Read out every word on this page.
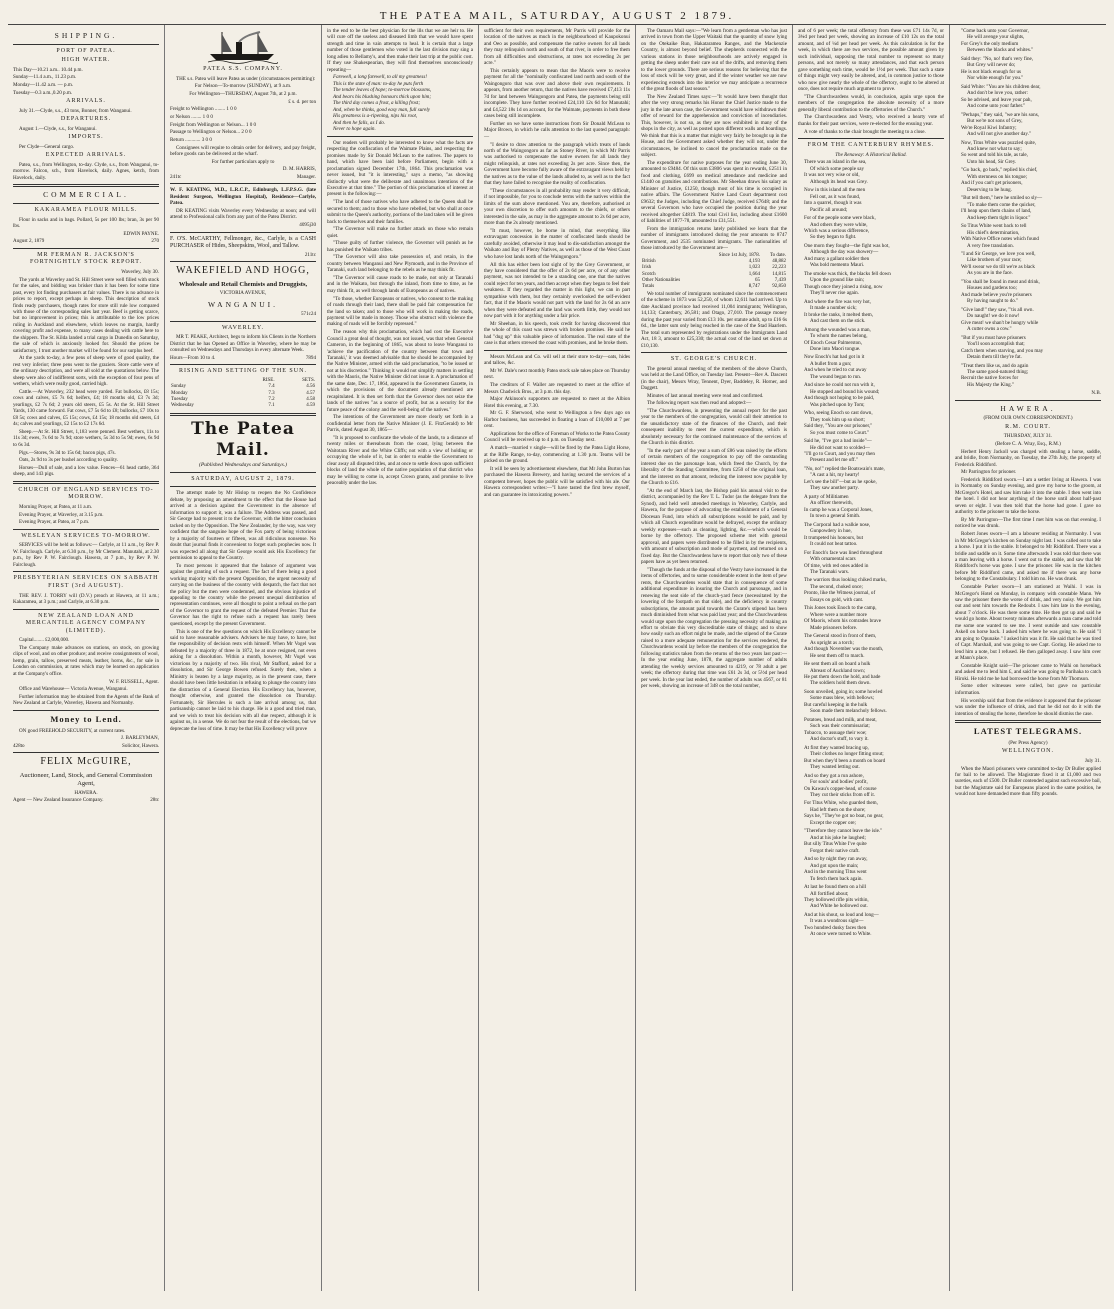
THE PATEA MAIL, SATURDAY, AUGUST 2 1879.

SHIPPING.

PORT OF PATEA.

HIGH WATER.

This Day—10.21 a.m.. 10.44 p.m.

Sunday—11.4 a.m., 11.23 p.m.

Monday—11.42 a.m. — p.m.

Tuesday—0.3 a.m.,0.20 p.m.

ARRIVALS.

July 31.—Clyde, s.s., 43 tons, Bonner, from Wanganui.

DEPARTURES.

August 1.—Clyde, s.s., for Wanganui.

IMPORTS.

Per Clyde—General cargo.

EXPECTED ARRIVALS.

Patea, s.s., from Wellington, to-day. Clyde, s.s., from Wanganui, to-morrow. Falcon, sch., from Havelock, daily. Agnes, ketch, from Havelock, daily.

COMMERCIAL.

KAKARAMEA FLOUR MILLS.

Flour in sacks and in bags. Pollard, 5s per 100 lbs; bran, 3s per 90 lbs.

EDWIN PAYNE.

August 2, 1879	270

MR FERMAN R. JACKSON'S FORTNIGHTLY STOCK REPORT.

Waverley, July 30.

The yards at Waverley and St. Hill Street were well filled with stock for the sales, and bidding was brisker than it has been for some time past, every lot finding purchasers at fair values. There is no advance in prices to report, except perhaps in sheep. This description of stock finds ready purchasers, though rates for store still rule low compared with those of the corresponding sales last year. Beef is getting scarce, but no improvement in prices; this is attributable to the low prices ruling in Auckland and elsewhere, which leaves no margin, hardly covering profit and expense, to many cases dealing with cattle here to the shippers. The St. Kilda landed a trial cargo in Dunedin on Saturday, the sale of which is anxiously looked for. Should the prices be satisfactory, I trust another market will be found for our surplus beef.

At the yards to-day, a few pens of sheep were of good quality, the rest very inferior; three pens went to the graziers. Store cattle were of the ordinary description, and were all sold at the quotations below. The sheep were also of indifferent sorts, with the exception of four pens of wethers, which were really good, carried high.

Cattle.—At Waverley, 232 head were yarded. Fat bullocks, £8 15s; cows and calves, £5 7s 6d; heifers, £4; 18 months old, £3 7s 3d; yearlings, £2 7s 6d; 2 years old steers, £5 5s. At the St. Hill Street Yards, 130 came forward. Fat cows, £7 5s 6d to £8; bullocks, £7 10s to £8 5s; cows and calves, £5 15s; cows, £4 15s; 18 months old steers, £4 4s; calves and yearlings, £2 15s to £2 17s 6d.

Sheep.—At St. Hill Street, 1,183 were penned. Best wethers, 11s to 11s 3d; ewes, 7s 6d to 7s 9d; store wethers, 5s 3d to 5s 9d; ewes, 6s 9d to 6s 3d.

Pigs.—Stores, 9s 3d to 15s 6d; bacon pigs, 47s.

Oats, 2s 9d to 3s per bushel according to quality.

Horses—Dull of sale, and a low value. Fences—61 head cattle, 364 sheep, and 143 pigs.

CHURCH OF ENGLAND SERVICES TO-MORROW.

Morning Prayer, at Patea, at 11 a.m.

Evening Prayer, at Waverley, at 3.15 p.m.

Evening Prayer, at Patea, at 7 p.m.

WESLEYAN SERVICES TO-MORROW.

SERVICES will be held as follows:— Carlyle, at 11 a.m., by Rev P. W. Fairclough. Carlyle, at 6.30 p.m., by Mr Clement. Manutahi, at 2.30 p.m., by Rev P. W. Fairclough. Hawera, at 7 p.m., by Rev P. W. Fairclough.

PRESBYTERIAN SERVICES ON SABBATH FIRST (3rd AUGUST).

THE REV. J. TORRY will (D.V.) preach at Hawera, at 11 a.m.; Kakaramea, at 3 p.m.; and Carlyle, at 6.30 p.m.

NEW ZEALAND LOAN AND MERCANTILE AGENCY COMPANY (LIMITED).

Capital........ £2,000,000.

The Company make advances on stations, on stock, on growing clips of wool, and on other produce; and receive consignments of wool, hemp, grain, tallow, preserved meats, leather, horns, &c., for sale in London on commission, at rates which may be learned on application at the Company's office.

W. F. RUSSELL, Agent.

Office and Warehouse— Victoria Avenue, Wanganui.

Further information may be obtained from the Agents of the Bank of New Zealand at Carlyle, Waverley, Hawera and Normanby.

Money to Lend.

ON good FREEHOLD SECURITY, at current rates.

J. BARLEYMAN,

428to	Solicitor, Hawera.

FELIX McGUIRE,

Auctioneer, Land, Stock, and General Commission Agent,

HAWERA.

Agent — New Zealand Insurance Company.	28tc

PATEA S.S. COMPANY.

THE s.s. Patea will leave Patea as under (circumstances permitting):

For Nelson—To-morrow (SUNDAY), at 9 a.m.

For Wellington—THURSDAY, August 7th, at 2 p.m.

£ s. d. per ton

Freight to Wellington ........ 1 0 0

or Nelson ........ 1 0 0

Freight from Wellington or Nelson... 1 0 0

Passage to Wellington or Nelson... 2 0 0

Return ............ 3 0 0

Consignees will require to obtain order for delivery, and pay freight, before goods can be delivered at the wharf.

For further particulars apply to

D. M. HARRIS,

241tc	Manager.

W. F. KEATING, M.D., L.R.C.P., Edinburgh, L.F.P.S.G. (late Resident Surgeon, Wellington Hospital), Residence—Carlyle, Patea.

DR KEATING visits Waverley every Wednesday at noon; and will attend to Professional calls from any part of the Patea District.

4095j30

F. O'S. McCARTHY, Fellmonger, &c., Carlyle, is a CASH PURCHASER of Hides, Sheepskins, Wool, and Tallow.

211tc

WAKEFIELD AND HOGG,

Wholesale and Retail Chemists and Druggists,

VICTORIA AVENUE,

WANGANUI.

571c24

WAVERLEY.

MR T. PEAKE, Architect, begs to inform his Clients in the Northern District that he has Opened an Office in Waverley, where he may be consulted on Wednesdays and Thursdays in every alternate Week.

Hours—From 10 to 4.	7894

RISING AND SETTING OF THE SUN.

	RISE.	SETS.
Sunday	7.4	4.56
Monday	7.3	4.57
Tuesday	7.2	4.58
Wednesday	7.1	4.59

The Patea Mail.

(Published Wednesdays and Saturdays.)

SATURDAY, AUGUST 2, 1879.

The attempt made by Mr Hislop to reopen the No Confidence debate, by proposing an amendment to the effect that the House had arrived at a decision against the Government in the absence of information to support it, was a failure. The Address was passed, and Sir George had to present it to the Governor, with the bitter conclusion tacked on by the Opposition. The New Zealander, by the way, was very confident that the sanguine hope of the Fox party of being victorious by a majority of fourteen or fifteen, was all ridiculous nonsense. No doubt that journal finds it convenient to forget such prophecies now. It was expected all along that Sir George would ask His Excellency for permission to appeal to the Country.

To most persons it appeared that the balance of argument was against the granting of such a request. The fact of there being a good working majority with the present Opposition, the urgent necessity of carrying on the business of the country with despatch, the fact that not the policy but the men were condemned, and the obvious injustice of appealing to the country while the present unequal distribution of representation continues, were all thought to point a refusal on the part of the Governor to grant the request of the defeated Premier. That the Governor has the right to refuse such a request has rarely been questioned, except by the present Government.

This is one of the few questions on which His Excellency cannot be said to have reasonable advisers. Advisers he may have, to have, but the responsibility of decision rests with himself. When Mr Vogel was defeated by a majority of three in 1872, he at once resigned, not even asking for a dissolution. Within a month, however, Mr Vogel was victorious by a majority of two. His rival, Mr Stafford, asked for a dissolution, and Sir George Bowen refused. Surely then, when a Ministry is beaten by a large majority, as in the present case, there should have been little hesitation in refusing to plunge the country into the distraction of a General Election. His Excellency has, however, thought otherwise, and granted the dissolution on Thursday. Fortunately, Sir Hercules is such a late arrival among us, that partisanship cannot be laid to his charge. He is a good and tried man, and we wish to treat his decision with all due respect, although it is against us, in a sense. We do not fear the result of the elections, but we deprecate the loss of time. It may be that His Excellency will prove

in the end to be the best physician for the ills that we are heir to. He will cure off the useless and diseased limb that we would have spent strength and time in vain attempts to heal. It is certain that a large number of those gentlemen who voted in the last division may sing a long adieu to Bellamy's, and then make their last trip at the public cost. If they use Shakespearian, they will find themselves unconsciously repeating—

Farewell, a long farewell, to all my greatness!

This is the state of man: to-day he puts forth

The tender leaves of hope; to-morrow blossoms,

And bears his blushing honours thick upon him;

The third day comes a frost, a killing frost;

And, when he thinks, good easy man, full surely

His greatness is a-ripening, nips his root,

And then he falls, as I do.

Never to hope again.

Our readers will probably be interested to know what the facts are respecting the confiscation of the Waimate Plains, and respecting the promises made by Sir Donald McLean to the natives. The papers to hand, which have been laid before Parliament, begin with a proclamation signed December 17th, 1864. This proclamation was never issued, but "it is interesting," says a memo, "as showing distinctly what were the deliberate and unanimous intentions of the Executive at that time." The portion of this proclamation of interest at present is the following:—

"The land of those natives who have adhered to the Queen shall be secured to them; and to those who have rebelled, but who shall at once submit to the Queen's authority, portions of the land taken will be given back to themselves and their families.

"The Governor will make no further attack on those who remain quiet.

"Those guilty of further violence, the Governor will punish as he has punished the Waikato tribes.

"The Governor will also take possession of, and retain, in the country between Wanganui and New Plymouth, and in the Province of Taranaki, such land belonging to the rebels as he may think fit.

"The Governor will cause roads to be made, not only at Taranaki and in the Waikato, but through the inland, from time to time, as he may think fit, as well through lands of Europeans as of natives.

"To those, whether Europeans or natives, who consent to the making of roads through their land, there shall be paid fair compensation for the land so taken; and to those who will work in making the roads, payment will be made in money. Those who obstruct with violence the making of roads will be forcibly repressed."

The reason why this proclamation, which had cost the Executive Council a great deal of thought, was not issued, was that when General Cameron, in the beginning of 1865, was about to leave Wanganui to 'achieve the pacification of the country between that town and Taranaki,' it was deemed advisable that he should be accompanied by the Native Minister, armed with the said proclamation, "to be issued or not at his discretion." Thinking it would not simplify matters in settling with the Maoris, the Native Minister did not issue it. A proclamation of the same date, Dec. 17, 1864, appeared in the Government Gazette, in which the provisions of the document already mentioned are recapitulated. It is then set forth that the Governor does not seize the lands of the natives "as a source of profit, but as a security for the future peace of the colony and the well-being of the natives."

The intentions of the Government are more clearly set forth in a confidential letter from the Native Minister (J. E. FitzGerald) to Mr Parris, dated August 30, 1865—

"It is proposed to confiscate the whole of the lands, to a distance of twenty miles or thereabouts from the coast, lying between the Waitotara River and the White Cliffs; not with a view of holding or occupying the whole of it, but in order to enable the Government to clear away all disputed titles, and at once to settle down upon sufficient blocks of land the whole of the native population of that district who may be willing to come in, accept Crown grants, and promise to live peaceably under the law.

sufficient for their own requirements, Mr Parris will provide for the location of the natives as much in the neighbourhood of Kaupokonui and Oeo as possible, and compensate the native owners for all lands they may relinquish north and south of that river, in order to free them from all difficulties and obstructions, at rates not exceeding 2s per acre."

This certainly appears to mean that the Maoris were to receive payment for all the "nominally confiscated land north and south of the Waingongoro that was over and above their own requirements. It appears, from another return, that the natives have received £7,413 11s 7d for land between Waingongoro and Patea, the payments being still incomplete. They have further received £24,110 12s 6d for Manutahi; and £4,522 18s 1d on account, for the Waimate, payments in both these cases being still incomplete.

Further on we have some instructions from Sir Donald McLean to Major Brown, in which he calls attention to the last quoted paragraph:—

"I desire to draw attention to the paragraph which treats of lands north of the Waingongoro as far as Stoney River, in which Mr Parris was authorised to compensate the native owners for all lands they might relinquish, at rates not exceeding 2s per acre. Since then, the Government have become fully aware of the extravagant views held by the natives as to the value of the lands alluded to, as well as to the fact that they have failed to recognise the reality of confiscation.

"These circumstances in all probability may render it very difficult, if not impossible, for you to conclude terms with the natives within the limits of the sum above mentioned. You are, therefore, authorised at your own discretion to offer such amounts to the chiefs, or others interested in the sale, as may in the aggregate amount to 2s 6d per acre, more than the 2s already mentioned.

"It must, however, be borne in mind, that everything like extravagant concession in the matter of confiscated lands should be carefully avoided, otherwise it may lead to dis-satisfaction amongst the Waikato and Bay of Plenty Natives, as well as those of the West Coast who have lost lands north of the Waingongoro."

All this has either been lost sight of by the Grey Government, or they have considered that the offer of 2s 6d per acre, or of any other payment, was not intended to be a standing one, one that the natives could reject for ten years, and then accept when they began to feel their weakness. If they regarded the matter in this light, we can in part sympathise with them, but they certainly overlooked the self-evident fact, that if the Maoris would not part with the land for 2s 6d an acre when they were defeated and the land was worth little, they would not now part with it for anything under a fair price.

Mr Sheehan, in his speech, took credit for having discovered that the whole of this coast was strewn with broken promises. He said he had "dug up" this valuable piece of information. The real state of the case is that others strewed the coast with promises, and he broke them.

Messrs McLean and Co. will sell at their store to-day—oats, hides and tallow, &c.

Mr W. Dale's next monthly Patea stock sale takes place on Thursday next.

The creditors of F. Waller are requested to meet at the office of Messrs Chadwick Bros., at 3 p.m. this day.

Major Atkinson's supporters are requested to meet at the Albion Hotel this evening, at 7.30.

Mr G. F. Sherwood, who went to Wellington a few days ago on Harbor business, has succeeded in floating a loan of £10,000 at 7 per cent.

Applications for the office of Foreman of Works to the Patea County Council will be received up to 4 p.m. on Tuesday next.

A match—married v single—will be fired by the Patea Light Horse, at the Rifle Range, to-day, commencing at 1.30 p.m. Teams will be picked on the ground.

It will be seen by advertisement elsewhere, that Mr John Burton has purchased the Hawera Brewery, and having secured the services of a competent brewer, hopes the public will be satisfied with his ale. Our Hawera correspondent writes:—"I have tasted the first brew myself, and can guarantee its intoxicating powers."

The Oamaru Mail says:—"We learn from a gentleman who has just arrived in town from the Upper Waitaki that the quantity of snow lying on the Otekaike Run, Hakataramea Ranges, and the Mackenzie Country, is almost beyond belief. The shepherds connected with the various stations in those neighbourhoods are actively engaged in getting the sheep under their care out of the drifts, and removing them to the lower grounds. There are serious reasons for believing that the loss of stock will be very great, and if the winter weather we are now experiencing extends into the interior we may anticipate a recurrence of the great floods of last season."

The New Zealand Times says:—"It would have been thought that after the very strong remarks his Honor the Chief Justice made to the jury in the late arson case, the Government would have withdrawn their offer of reward for the apprehension and conviction of incendiaries. This, however, is not so, as they are now exhibited in many of the shops in the city, as well as posted upon different walls and hoardings. We think that this is a matter that might very fairly be brought up in the House, and the Government asked whether they will not, under the circumstances, be inclined to cancel the proclamation made on the subject.

The expenditure for native purposes for the year ending June 30, amounted to £9484. Of this sum £3806 was spent in rewards, £2511 in food and clothing, £699 on medical attendance and medicine and £1440 on gratuities and contributions. Mr Sheehan draws his salary as Minister of Justice, £1250, though most of his time is occupied in native affairs. The Government Native Land Court department cost £9632; the Judges, including the Chief Judge, received £7648; and the several Governors who have occupied the position during the year received altogether £4819. The total Civil list, including about £1600 of liabilities of 1877-78, amounted to £31,551.

From the immigration returns lately published we learn that the number of immigrants introduced during the year amounts to 8747 Government, and 2535 nominated immigrants. The nationalities of those introduced by the Government are—

	Since 1st July, 1878.	To date.
British	4,193	48,882
Irish	1,023	22,223
Scotch	1,664	14,815
Other Nationalities	65	7,439
Totals	8,747	92,850

We total number of immigrants nominated since the commencement of the scheme in 1873 was 52,250, of whom 12,611 had arrived. Up to date Auckland province had received 11,004 immigrants; Wellington, 14,133; Canterbury, 26,581; and Otago, 27,010. The passage money during the past year varied from £13 10s. per statute adult, up to £16 6s 6d., the latter sum only being reached in the case of the Stad Haarlem. The total sum represented by registrations under the Immigrants Land Act, 18 3, amount to £25,330; the actual cost of the land set down at £10,130.

ST. GEORGE'S CHURCH.

The general annual meeting of the members of the above Church, was held at the Land Office, on Tuesday last. Present—Rev A. Dascent (in the chair), Messrs Wray, Tennent, Dyer, Baddeley, R. Horner, and Daggett.

Minutes of last annual meeting were read and confirmed.

The following report was then read and adopted:—

"The Churchwardens, in presenting the annual report for the past year to the members of the congregation, would call their attention to the unsatisfactory state of the finances of the Church, and their consequent inability to meet the current expenditure, which is absolutely necessary for the continued maintenance of the services of the Church in this district.

"In the early part of the year a sum of £86 was raised by the efforts of certain members of the congregation to pay off the outstanding interest due on the parsonage loan, which freed the Church, by the liberality of the Standing Committee, from £250 of the original loan, and the interest on that amount, reducing the interest now payable by the Church to £16.

"At the end of March last, the Bishop paid his annual visit to the district, accompanied by the Rev T. L. Tudor (as the delegate from the Synod), and held well attended meetings in Waverley, Carlyle, and Hawera, for the purpose of advocating the establishment of a General Diocesan Fund, into which all subscriptions would be paid, and by which all Church expenditure would be defrayed, except the ordinary weekly expenses—such as cleaning, lighting, &c.—which would be borne by the offertory. The proposed scheme met with general approval, and papers were distributed to be filled in by the recipients, with amount of subscription and mode of payment, and returned on a fixed day. But the Churchwardens have to report that only two of these papers have as yet been returned.

"Though the funds at the disposal of the Vestry have increased in the items of offertories, and to some considerable extent in the item of pew rents, the Churchwardens would state that in consequence of some additional expenditure in insuring the Church and parsonage, and in renewing the seat side of the church-yard fence (necessitated by the lowering of the footpath on that side), and the deficiency in country subscriptions, the amount paid towards the Curate's stipend has been much diminished from what was paid last year; and the Churchwardens would urge upon the congregation the pressing necessity of making an effort to obviate this very discreditable state of things; and to show how easily such an effort might be made, and the stipend of the Curate raised to a more adequate remuneration for the services rendered, the Churchwardens would lay before the members of the congregation the following statistics taken from the returns of the two years last past:—In the year ending June, 1878, the aggregate number of adults attending the weekly services amounted to 4219, or 78 adult a per week; the offertory during that time was £61 2s 3d, or 5½d per head per week. In the year last ended, the number of adults was 4567, or 81 per week, showing an increase of 348 on the total number,

and of 6 per week; the total offertory from these was £71 14s 7d, or 3¾d per head per week, showing an increase of £10 12s on the total amount, and of ¼d per head per week. As this calculation is for the week, in which there are two services, the possible amount given by such individual, supposing the total number to represent so many persons, and not merely so many attendances, and that each person gave something each time, would be 1½d per week. That such a state of things might very easily be altered, and, in common justice to those who now give nearly the whole of the offertory, ought to be altered at once, does not require much argument to prove.

"The Churchwardens would, in conclusion, again urge upon the members of the congregation the absolute necessity of a more generally liberal contribution to the offertories of the Church."

The Churchwardens and Vestry, who received a hearty vote of thanks for their past services, were re-elected for the ensuing year.

A vote of thanks to the chair brought the meeting to a close.

FROM THE CANTERBURY RHYMES.

The Renaway: A Historical Ballad.

There was an island in the sea,

Of which some people say

It was not very wise or old,

Although its head was Grey.

Now in this island all the men

Fell out, as it was found,

Into a quarrel, though it was

Pacific all around;

For of the people some were black,

And others they were white,

Which was a serious difference,

So they began to fight.

One morn they fought—the fight was hot,

Although the day was showery—

And many a gallant soldier then

Was bold memento Mauri.

The smoke was thick, the blacks fell down

Upon the ground like rain;

Though once they joined a rising, now

They'll never rise again.

And where the fire was very hot,

It made a number sick;

It broke the ranks, it melted them,

And cast them on the stick.

Among the wounded was a man,

To whom the names belong,

Of Enoch Cesar Palmerston,

Done into Maori tongue.

Now Enoch's hat had got in it

A bullet from a gun;

And when he tried to cut away

The wound began to run.

And since he could not run with it,

He stopped and bound his wound;

And though not hoping to be paid,

Was pitched upon by Tom;

Who, seeing Enoch so cast down,

They took him up so short;

Said they, "You are our prisoner,"

So you must come to Court."

Said he, "I've got a bad inside"—

He did not want to scolded—

"I'll go to Court, and you may then

Present and let me off."

"No, no!" replied the Boatswain's mate,

"A cast a hit, my hearty!

Let's see the bill"—but as he spoke,

They saw another party.

A party of Militiamen

An officer therewith,

In camp he was a Corporal Jones,

In town a general Smith.

The Corporal had a walkie nose,

Gunpowdery in hue,

It trumpeted his honours, but

It could not beat tattoo.

For Enoch's face was lined throughout

With ornamental scars

Of time, with red ones added in

The Taranaki wars.

The warriors thus looking chiked marks,

The second, choked once;

Pronto, like the Witness journal, of

Essays on gold, with cant.

This Jones took Enoch to the camp,

Where were a number more

Of Maoris, whom his comrades brave

Made prisoners before.

The General stood in front of them,

As upright as a torch;

And though November was the month,

He sent them off to march.

He sent them all on board a hulk

Abreast of Auckland town;

He put them down the hold, and bade

The soldiers hold them down.

Soon unveiled, going in; some howled

Some mass blew, with bellows;

But careful keeping in the hulk

Soon made them melancholy fellows.

Potatoes, bread and milk, and meat,

Such was their commissariat;

Tobacco, to assuage their woe;

And doctor's stuff, to vary it.

At first they wanted bracing up,

Their clothes no longer fitting stout;

But when they'd been a month on board

They wanted letting out.

And so they got a run ashore,

For souls' and bodies' profit,

On Kawau's copper-head, of course

They cut their sticks from off it.

For Titus White, who guarded them,

Had left them on the shore;

Says he, "They've got no boat, no gear,

Except the copper ore;

"Therefore they cannot leave the isle."

And at his joke he laughed;

But silly Titus White I've quite

Forgot their native craft.

And so by night they ran away,

And got upon the main;

And in the morning Titus went

To fetch them back again.

At last he found them on a hill

All fortified about;

They hollowed rifle pits within,

And White he hollowed out.

And at his shout, so loud and long—

It was a wondrous sight—

Two hundred dusky faces then

At once were turned to White.

"Come back unto your Governor,

He will avenge your slights,

For Grey's the only medium

Between the blacks and whites."

Said they: "No, no! that's very fine,

But Grey will never do;

He is not black enough for us

Nor white enough for you."

Said White: "You are his children dear,

And don't be love you, rather:

So be advised, and leave your pah,

And come unto your father."

"Perhaps," they said, "we are his sons,

But we're not sons of Grey,

We're Royal Kiwi Infantry;

And will not give another day."

Now, Titus White was puzzled quite,

And knew not what to say;

So went and told his tale, as tale,

Unto his head, Sir Grey.

"Go back, go back," replied his chief,

With sternness on his tongue;

And if you can't get prisoners,

Deserving to be hung.

"But tell them," here he smiled so sly—

"To make them come the quicker,

I'll heap upon them chains of land,

And keep them tight in liquor."

So Titus White went back to tell

His chief's determination,

With Native Office notes which found

A very free translation.

"I and Sir George, we love you well,

Like brothers of your race;

We'll swear we do till we're as black

As you are in the face.

"You shall be found in meat and drink,

Houses and gardens too;

And made believe you're prisoners

By having naught to do."

"Give land!" they saw, "'tis all own.

Do naught! we do it now!

Give meat! we shan't be hungry while

A cutter owns a cow."

"But if you must have prisoners

You'll soon accomplish that;

Catch them when starving, and you may

Detain them till they're fat.

"Treat them like us, and do again

The same good-natured thing;

Recruit the native forces for

His Majesty the King."

N.B.

HAWERA.

(FROM OUR OWN CORRESPONDENT.)

R.M. COURT.

THURSDAY, JULY 31.

(Before C. A. Wray, Esq., R.M.)

Herbert Henry Jackoll was charged with stealing a horse, saddle, and bridle, from Normanby, on Tuesday, the 27th July, the property of Frederick Riddiford.

Mr Parrington for prisoner.

Frederick Riddiford sworn.—I am a settler living at Hawera. I was in Normanby on Sunday evening, and gave my horse to the groom, at McGregor's Hotel, and saw him take it into the stable. I then went into the hotel. I did not hear anything of the horse until about half-past seven or eight. I was then told that the horse had gone. I gave no authority to the prisoner to take the horse.

By Mr Parrington—The first time I met him was on that evening. I noticed he was drunk.

Robert Jones sworn—I am a labourer residing at Normanby. I was in Mr McGregor's kitchen on Sunday night last. I was called out to take a horse. I put it in the stable. It belonged to Mr Riddiford. There was a bridle and saddle on it. Some time afterwards I was told that there was a man leaving with a horse. I went out to the stable, and saw that Mr Riddiford's horse was gone. I saw the prisoner. He was in the kitchen before Mr Riddiford came, and asked me if there was any horse belonging to the Constabulary. I told him no. He was drunk.

Constable Parker sworn—I am stationed at Waihi. I was in McGregor's Hotel on Monday, in company with constable Mann. We saw the prisoner there the worse of drink, and very noisy. We got him out and sent him towards the Redoubt. I saw him late in the evening, about 7 o'clock. He was there some time. He then got up and said he would go home. About twenty minutes afterwards a man came and told me some one wanted to see me. I went outside and saw constable Askell on horse back. I asked him where he was going to. He said "I am going to Opunake." I asked him was it fit. He said that he was tired of Capt. Marshall, and was going to see Capt. Goring. He asked me to lend him a note, but I refused. He then galloped away. I saw him over at Mann's place.

Constable Knight said—The prisoner came to Waihi on horseback and asked me to lend him £, and said he was going to Parihaka to catch Hiroki. He told me he had borrowed the horse from Mr Thomson.

Some other witnesses were called, but gave no particular information.

His worship said that from the evidence it appeared that the prisoner was under the influence of drink, and that he did not do it with the intention of stealing the horse, therefore he should dismiss the case.

LATEST TELEGRAMS.

(Per Press Agency)

WELLINGTON.

July 31.

When the Maori prisoners were committed to-day Dr Buller applied for bail to be allowed. The Magistrate fixed it at £1,000 and two sureties, each of £500. Dr Buller contended against such excessive bail, but the Magistrate said for Europeans placed in the same position, he would not have demanded more than fifty pounds.
